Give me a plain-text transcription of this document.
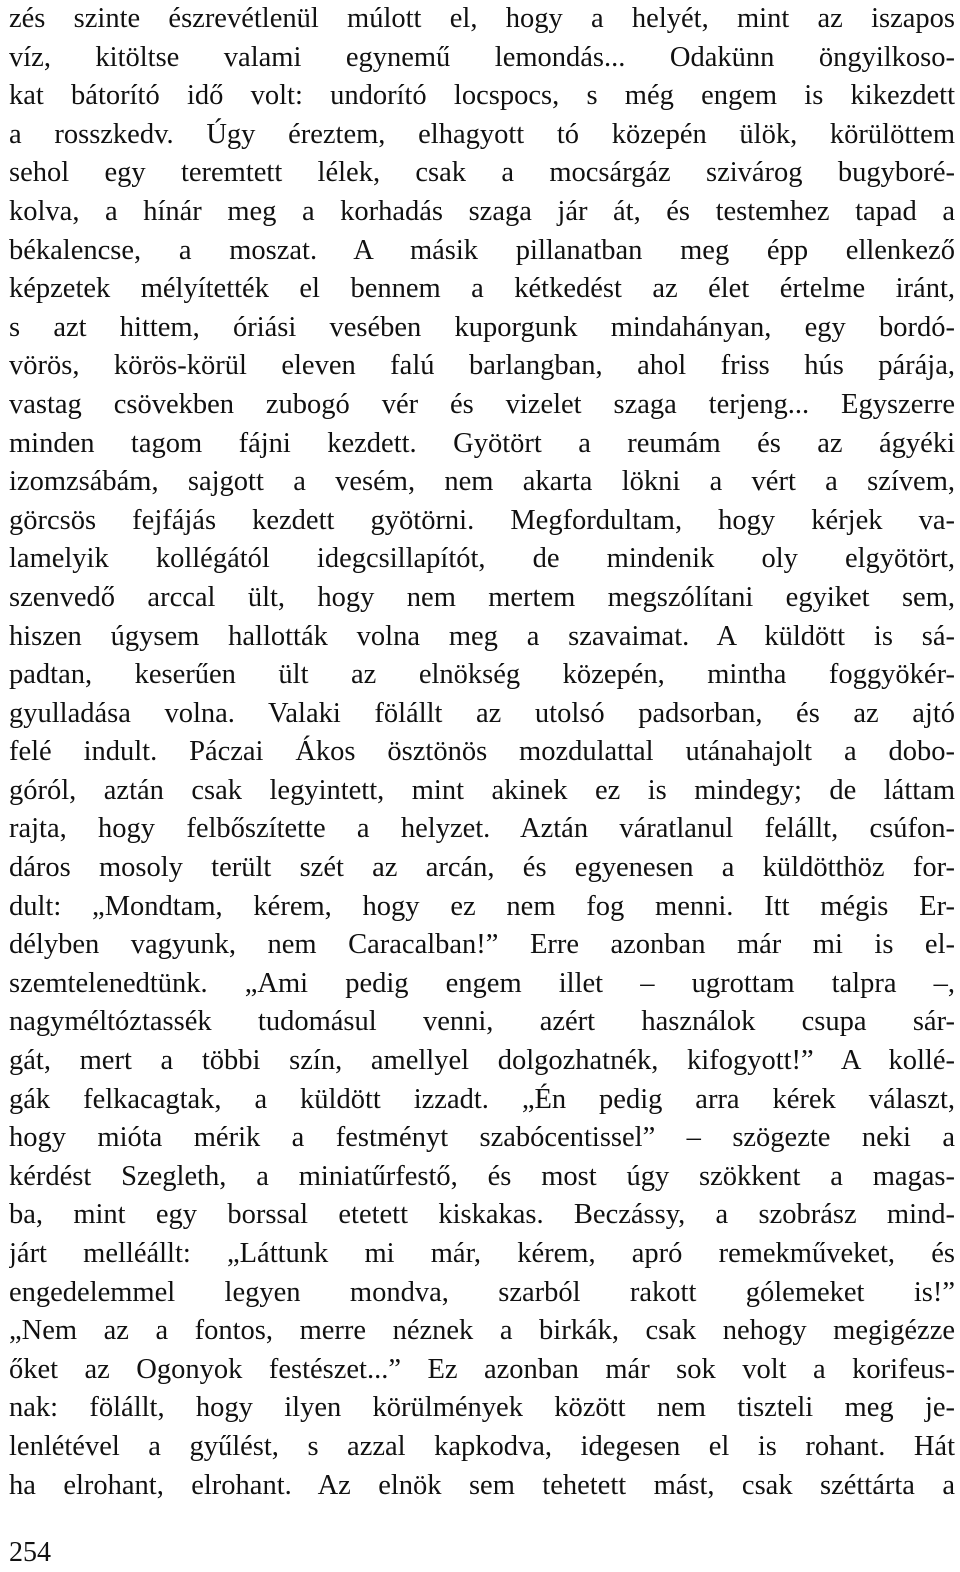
zés szinte észrevétlenül múlott el, hogy a helyét, mint az iszapos
víz, kitöltse valami egynemű lemondás... Odakünn öngyilkoso-
kat bátorító idő volt: undorító locspocs, s még engem is kikezdett
a rosszkedv. Úgy éreztem, elhagyott tó közepén ülök, körülöttem
sehol egy teremtett lélek, csak a mocsárgáz szivárog bugyboré-
kolva, a hínár meg a korhadás szaga jár át, és testemhez tapad a
békalencse, a moszat. A másik pillanatban meg épp ellenkező
képzetek mélyítették el bennem a kétkedést az élet értelme iránt,
s azt hittem, óriási vesében kuporgunk mindahányan, egy bordó-
vörös, körös-körül eleven falú barlangban, ahol friss hús párája,
vastag csövekben zubogó vér és vizelet szaga terjeng... Egyszerre
minden tagom fájni kezdett. Gyötört a reumám és az ágyéki
izomzsábám, sajgott a vesém, nem akarta lökni a vért a szívem,
görcsös fejfájás kezdett gyötörni. Megfordultam, hogy kérjek va-
lamelyik kollégától idegcsillapítót, de mindenik oly elgyötört,
szenvedő arccal ült, hogy nem mertem megszólítani egyiket sem,
hiszen úgysem hallották volna meg a szavaimat. A küldött is sá-
padtan, keserűen ült az elnökség közepén, mintha foggyökér-
gyulladása volna. Valaki fölállt az utolsó padsorban, és az ajtó
felé indult. Páczai Ákos ösztönös mozdulattal utánahajolt a dobo-
góról, aztán csak legyintett, mint akinek ez is mindegy; de láttam
rajta, hogy felbőszítette a helyzet. Aztán váratlanul felállt, csúfon-
dáros mosoly terült szét az arcán, és egyenesen a küldötthöz for-
dult: „Mondtam, kérem, hogy ez nem fog menni. Itt mégis Er-
délyben vagyunk, nem Caracalban!” Erre azonban már mi is el-
szemtelenedtünk. „Ami pedig engem illet – ugrottam talpra –,
nagyméltóztassék tudomásul venni, azért használok csupa sár-
gát, mert a többi szín, amellyel dolgozhatnék, kifogyott!” A kollé-
gák felkacagtak, a küldött izzadt. „Én pedig arra kérek választ,
hogy mióta mérik a festményt szabócentissel” – szögezte neki a
kérdést Szegleth, a miniatűrfestő, és most úgy szökkent a magas-
ba, mint egy borssal etetett kiskakas. Beczássy, a szobrász mind-
járt melléállt: „Láttunk mi már, kérem, apró remekműveket, és
engedelemmel legyen mondva, szarból rakott gólemeket is!”
„Nem az a fontos, merre néznek a birkák, csak nehogy megigézze
őket az Ogonyok festészet...” Ez azonban már sok volt a korifeus-
nak: fölállt, hogy ilyen körülmények között nem tiszteli meg je-
lenlétével a gyűlést, s azzal kapkodva, idegesen el is rohant. Hát
ha elrohant, elrohant. Az elnök sem tehetett mást, csak széttárta a
254
